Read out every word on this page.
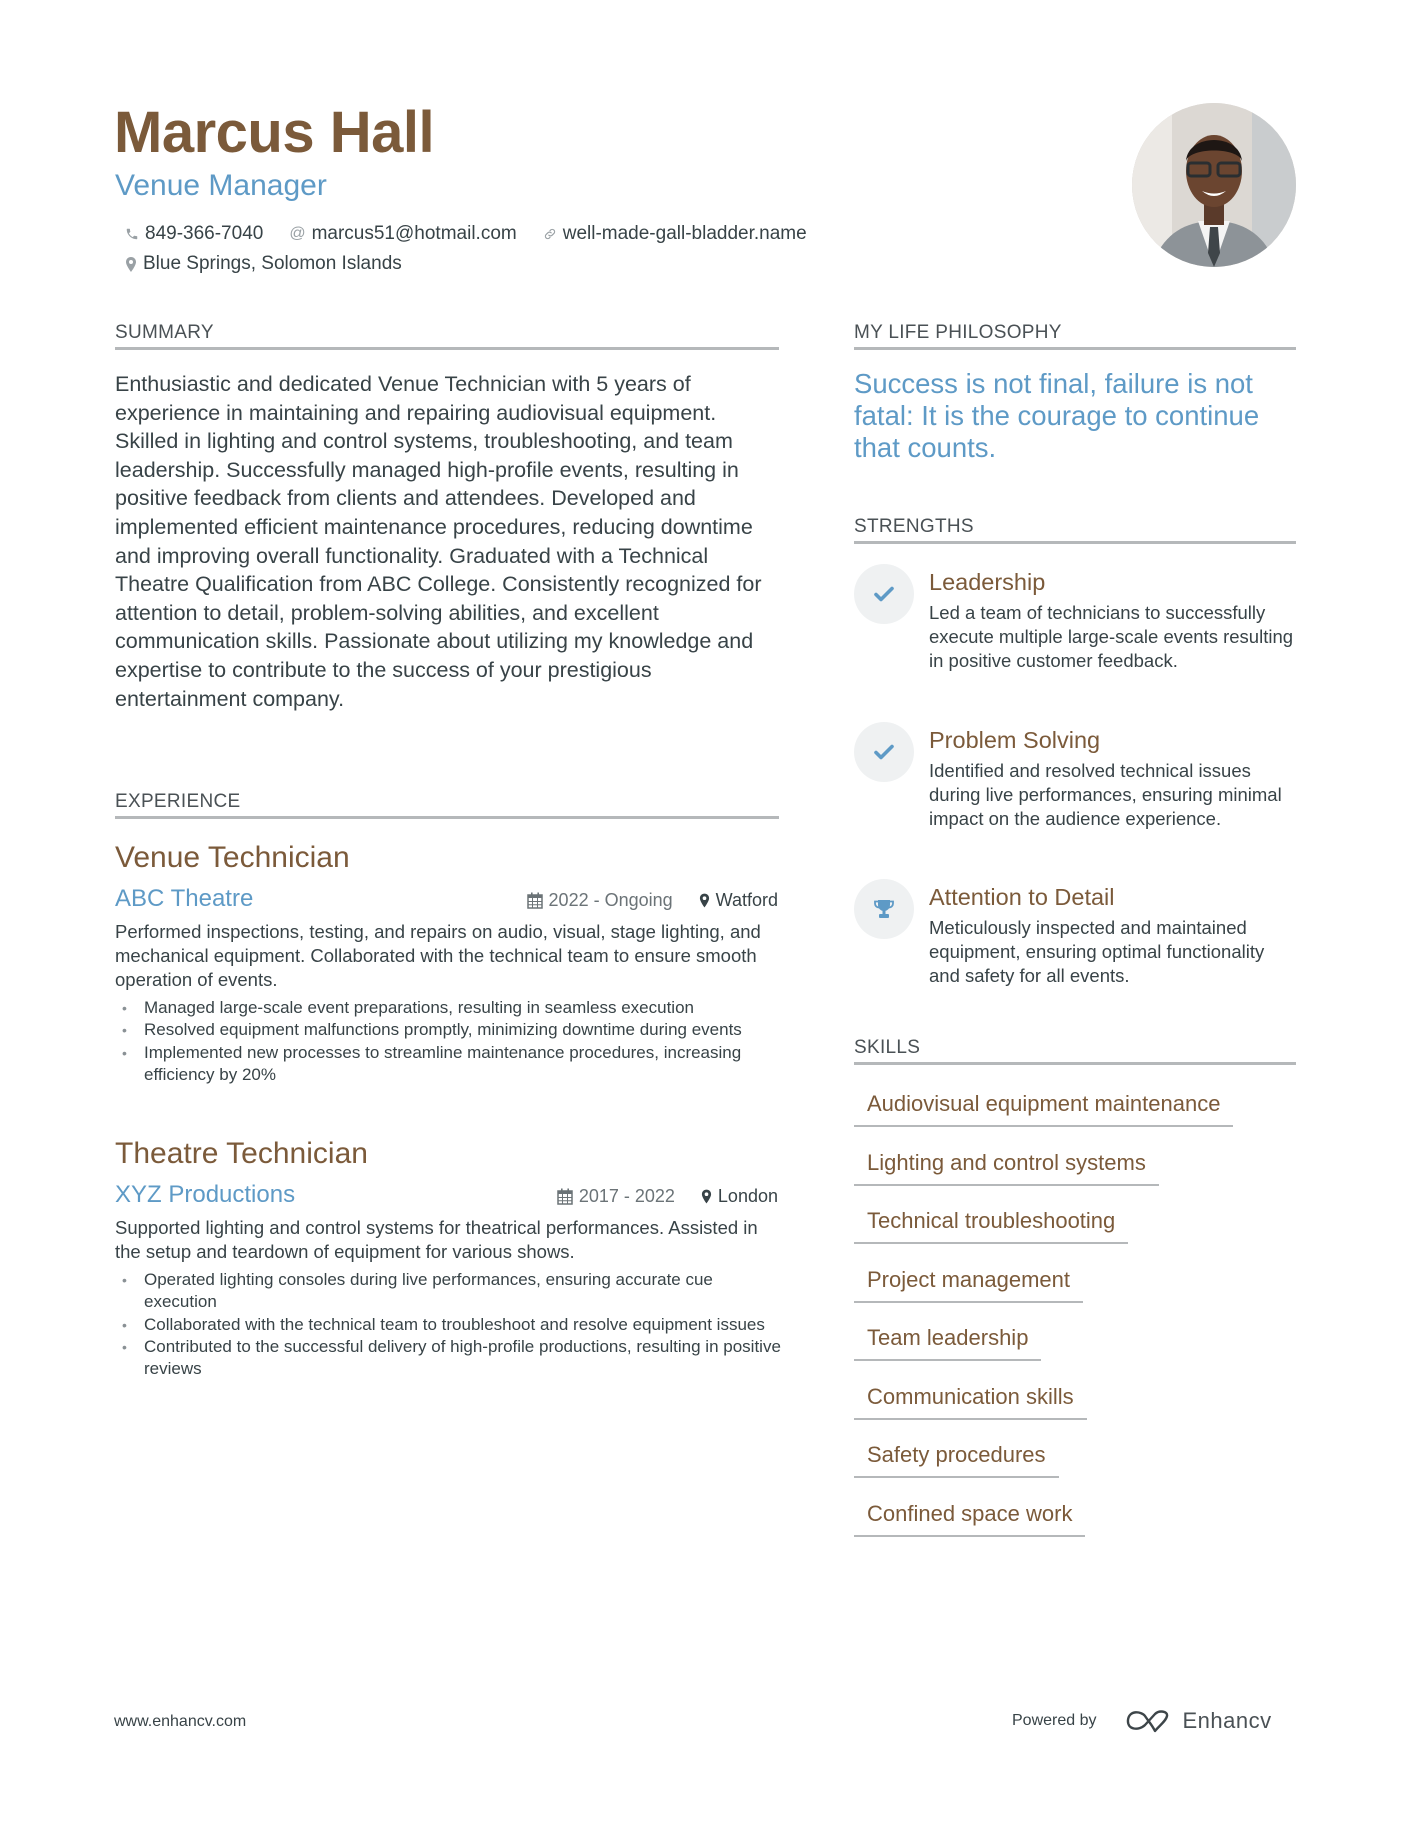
Marcus Hall
Venue Manager
849-366-7040 @ marcus51@hotmail.com well-made-gall-bladder.name
Blue Springs, Solomon Islands
SUMMARY
Enthusiastic and dedicated Venue Technician with 5 years of experience in maintaining and repairing audiovisual equipment. Skilled in lighting and control systems, troubleshooting, and team leadership. Successfully managed high-profile events, resulting in positive feedback from clients and attendees. Developed and implemented efficient maintenance procedures, reducing downtime and improving overall functionality. Graduated with a Technical Theatre Qualification from ABC College. Consistently recognized for attention to detail, problem-solving abilities, and excellent communication skills. Passionate about utilizing my knowledge and expertise to contribute to the success of your prestigious entertainment company.
EXPERIENCE
Venue Technician
ABC Theatre	2022 - Ongoing Watford
Performed inspections, testing, and repairs on audio, visual, stage lighting, and mechanical equipment. Collaborated with the technical team to ensure smooth operation of events.
• Managed large-scale event preparations, resulting in seamless execution
• Resolved equipment malfunctions promptly, minimizing downtime during events
• Implemented new processes to streamline maintenance procedures, increasing efficiency by 20%
Theatre Technician
XYZ Productions	2017 - 2022 London
Supported lighting and control systems for theatrical performances. Assisted in the setup and teardown of equipment for various shows.
• Operated lighting consoles during live performances, ensuring accurate cue execution
• Collaborated with the technical team to troubleshoot and resolve equipment issues
• Contributed to the successful delivery of high-profile productions, resulting in positive reviews
MY LIFE PHILOSOPHY
Success is not final, failure is not fatal: It is the courage to continue that counts.
STRENGTHS
Leadership
Led a team of technicians to successfully execute multiple large-scale events resulting in positive customer feedback.
Problem Solving
Identified and resolved technical issues during live performances, ensuring minimal impact on the audience experience.
Attention to Detail
Meticulously inspected and maintained equipment, ensuring optimal functionality and safety for all events.
SKILLS
Audiovisual equipment maintenance
Lighting and control systems
Technical troubleshooting
Project management
Team leadership
Communication skills
Safety procedures
Confined space work
www.enhancv.com	Powered by	Enhancv
